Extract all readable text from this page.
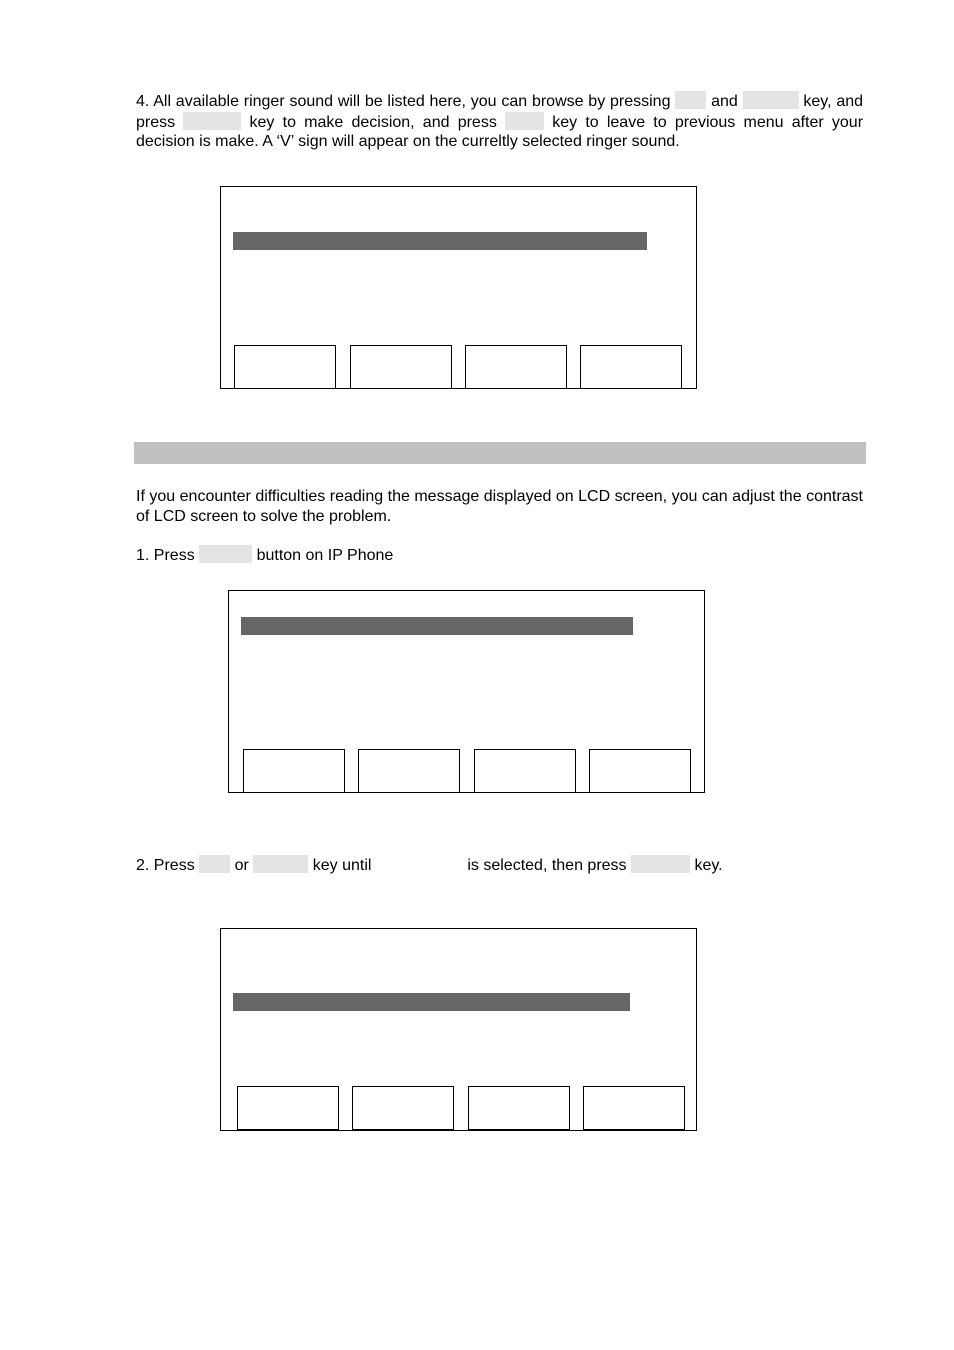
4. All available ringer sound will be listed here, you can browse by pressing	and	key, and press	key to make decision, and press	key to leave to previous menu after your decision is make. A ‘V’ sign will appear on the curreltly selected ringer sound.
If you encounter difficulties reading the message displayed on LCD screen, you can adjust the contrast of LCD screen to solve the problem.
1. Press	button on IP Phone
2. Press or	key until	is selected, then press	key.
